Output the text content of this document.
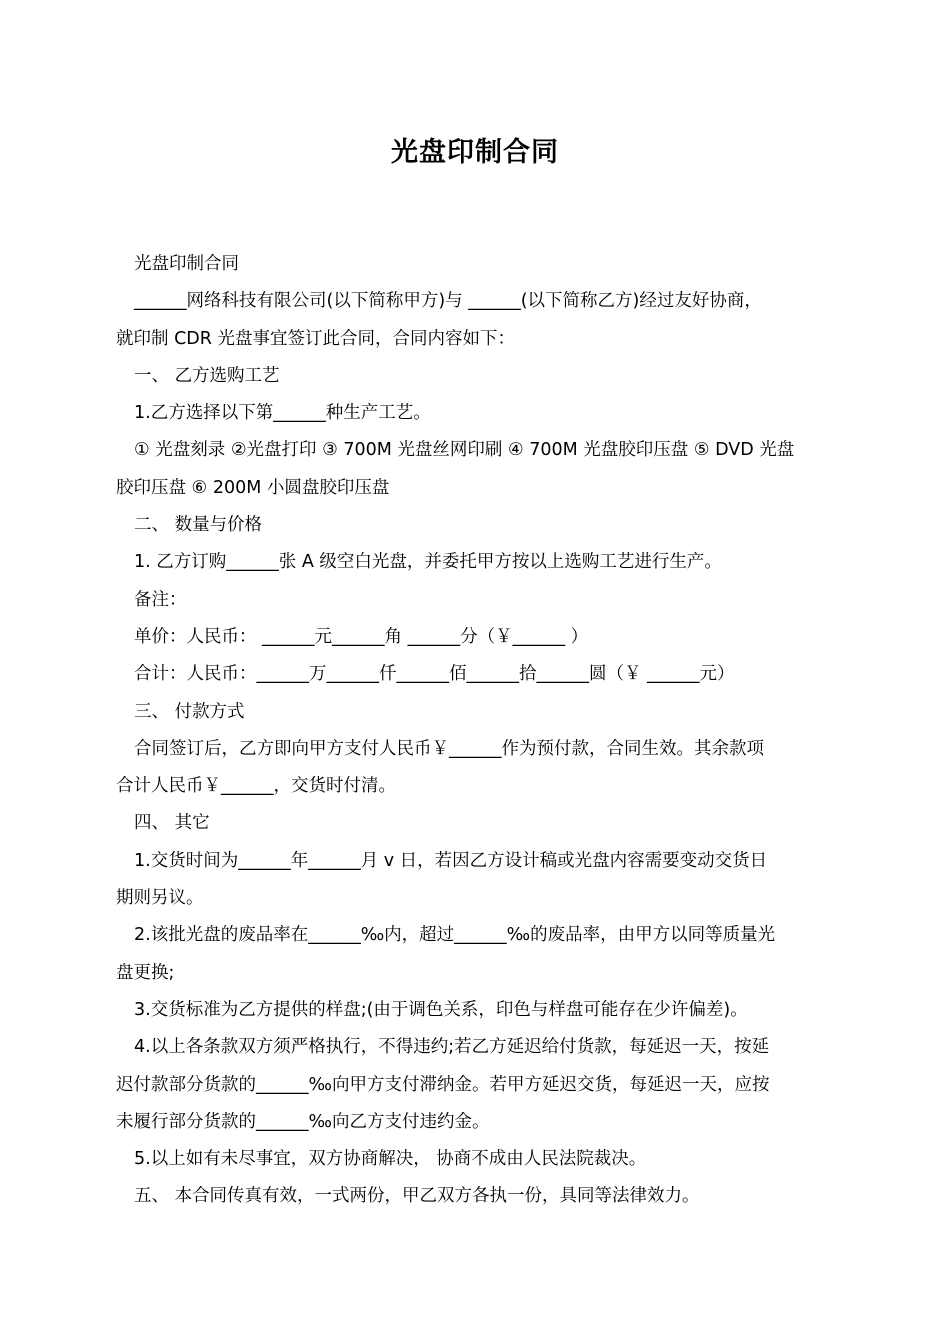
光盘印制合同
光盘印制合同
______网络科技有限公司(以下简称甲方)与 ______(以下简称乙方)经过友好协商，
就印制 CDR 光盘事宜签订此合同，合同内容如下：
一、 乙方选购工艺
1.乙方选择以下第______种生产工艺。
① 光盘刻录 ②光盘打印 ③ 700M 光盘丝网印刷 ④ 700M 光盘胶印压盘 ⑤ DVD 光盘
胶印压盘 ⑥ 200M 小圆盘胶印压盘
二、 数量与价格
1. 乙方订购______张 A 级空白光盘，并委托甲方按以上选购工艺进行生产。
备注：
单价：人民币： ______元______角 ______分（￥______ ）
合计：人民币：______万______仟______佰______拾______圆（￥ ______元）
三、 付款方式
合同签订后，乙方即向甲方支付人民币￥______作为预付款，合同生效。其余款项
合计人民币￥______，交货时付清。
四、 其它
1.交货时间为______年______月 v 日，若因乙方设计稿或光盘内容需要变动交货日
期则另议。
2.该批光盘的废品率在______‰内，超过______‰的废品率，由甲方以同等质量光
盘更换;
3.交货标准为乙方提供的样盘;(由于调色关系，印色与样盘可能存在少许偏差)。
4.以上各条款双方须严格执行，不得违约;若乙方延迟给付货款，每延迟一天，按延
迟付款部分货款的______‰向甲方支付滞纳金。若甲方延迟交货，每延迟一天，应按
未履行部分货款的______‰向乙方支付违约金。
5.以上如有未尽事宜，双方协商解决， 协商不成由人民法院裁决。
五、 本合同传真有效，一式两份，甲乙双方各执一份，具同等法律效力。
